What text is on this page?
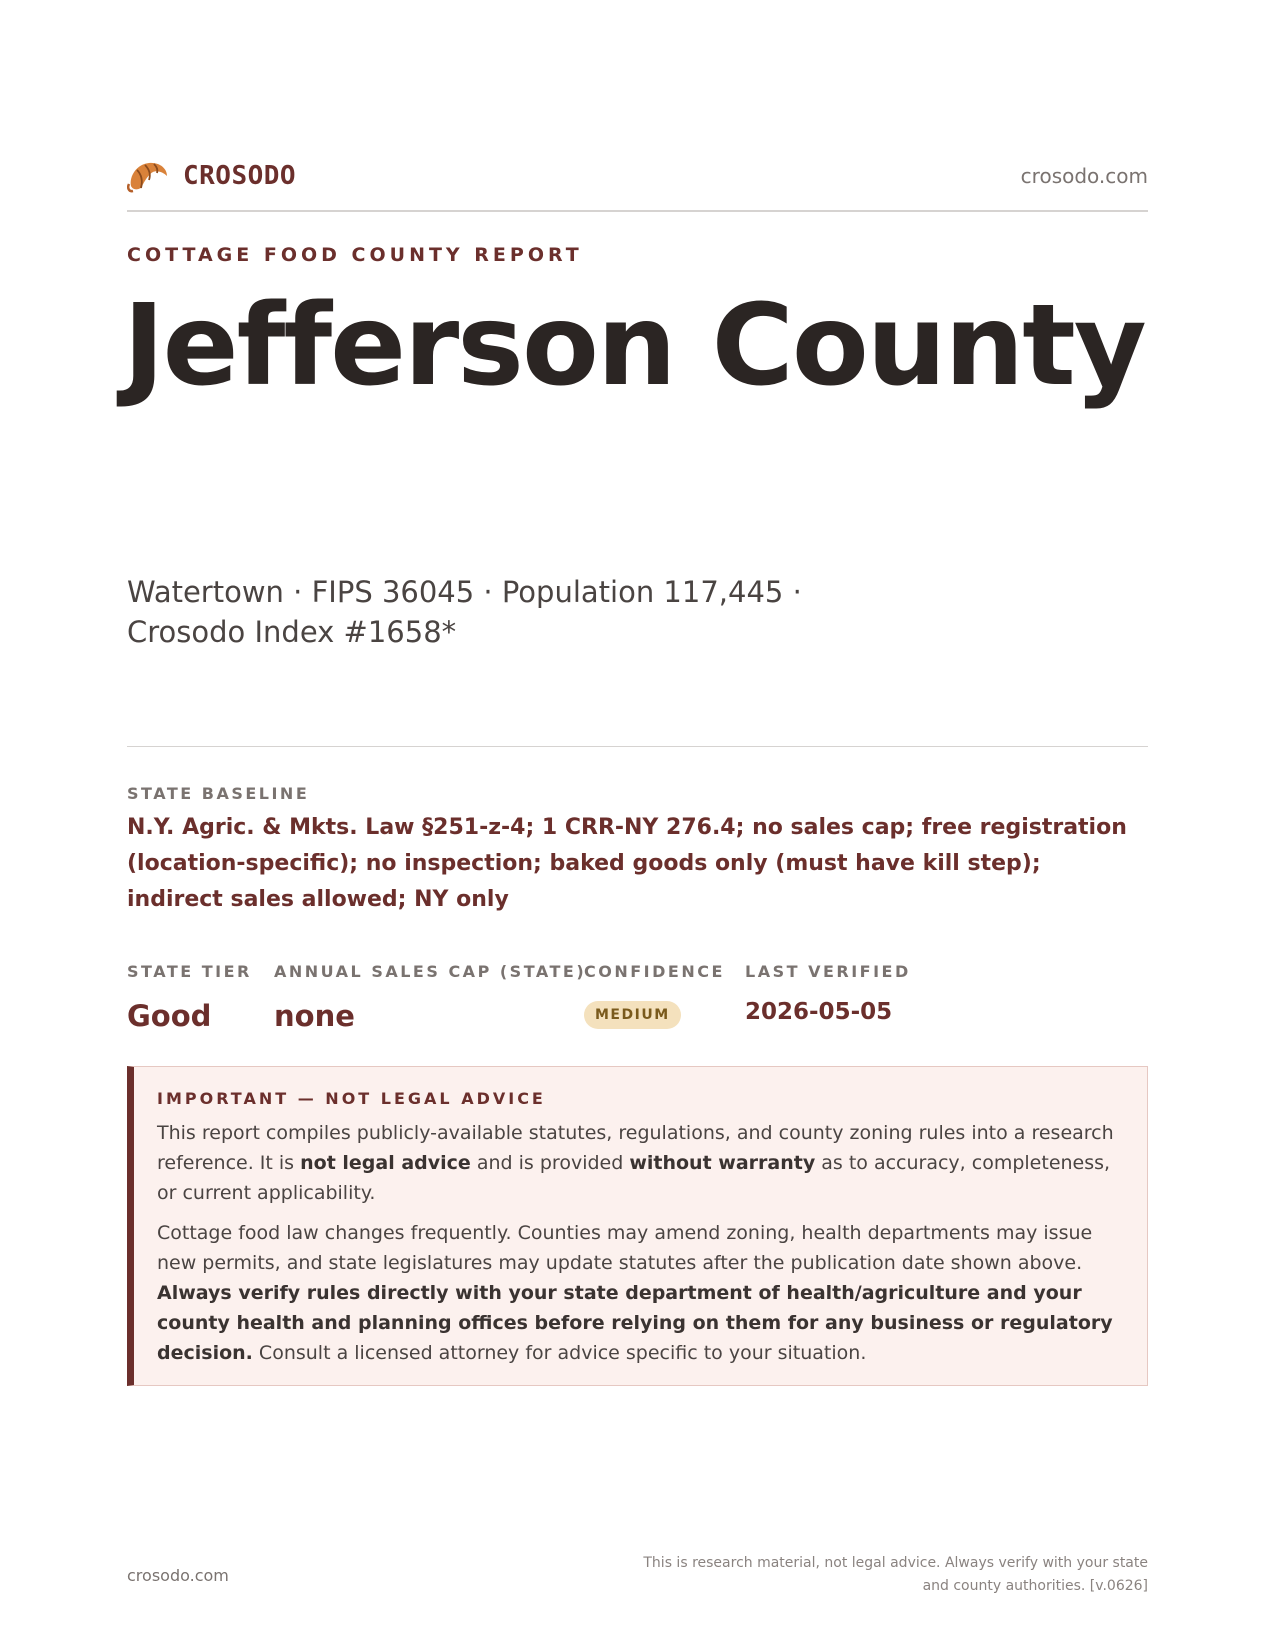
CROSODO	crosodo.com
COTTAGE FOOD COUNTY REPORT
Jefferson County
Watertown · FIPS 36045 · Population 117,445 · Crosodo Index #1658*
STATE BASELINE
N.Y. Agric. & Mkts. Law §251-z-4; 1 CRR-NY 276.4; no sales cap; free registration (location-specific); no inspection; baked goods only (must have kill step); indirect sales allowed; NY only
STATE TIER
Good
ANNUAL SALES CAP (STATE)
none
CONFIDENCE
MEDIUM
LAST VERIFIED
2026-05-05
IMPORTANT — NOT LEGAL ADVICE

This report compiles publicly-available statutes, regulations, and county zoning rules into a research reference. It is not legal advice and is provided without warranty as to accuracy, completeness, or current applicability.

Cottage food law changes frequently. Counties may amend zoning, health departments may issue new permits, and state legislatures may update statutes after the publication date shown above. Always verify rules directly with your state department of health/agriculture and your county health and planning offices before relying on them for any business or regulatory decision. Consult a licensed attorney for advice specific to your situation.

crosodo.com
This is research material, not legal advice. Always verify with your state and county authorities. [v.0626]
